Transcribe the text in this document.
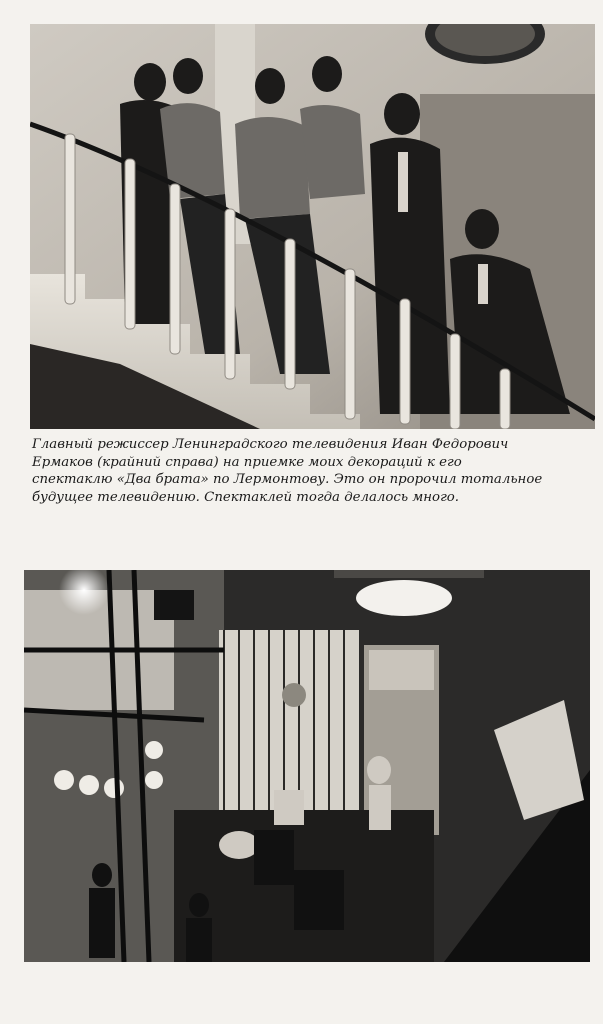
Главный режиссер Ленинградского телевидения Иван Федорович
Ермаков (крайний справа) на приемке моих декораций к его
спектаклю «Два брата» по Лермонтову. Это он пророчил тотальное
будущее телевидению. Спектаклей тогда делалось много.
